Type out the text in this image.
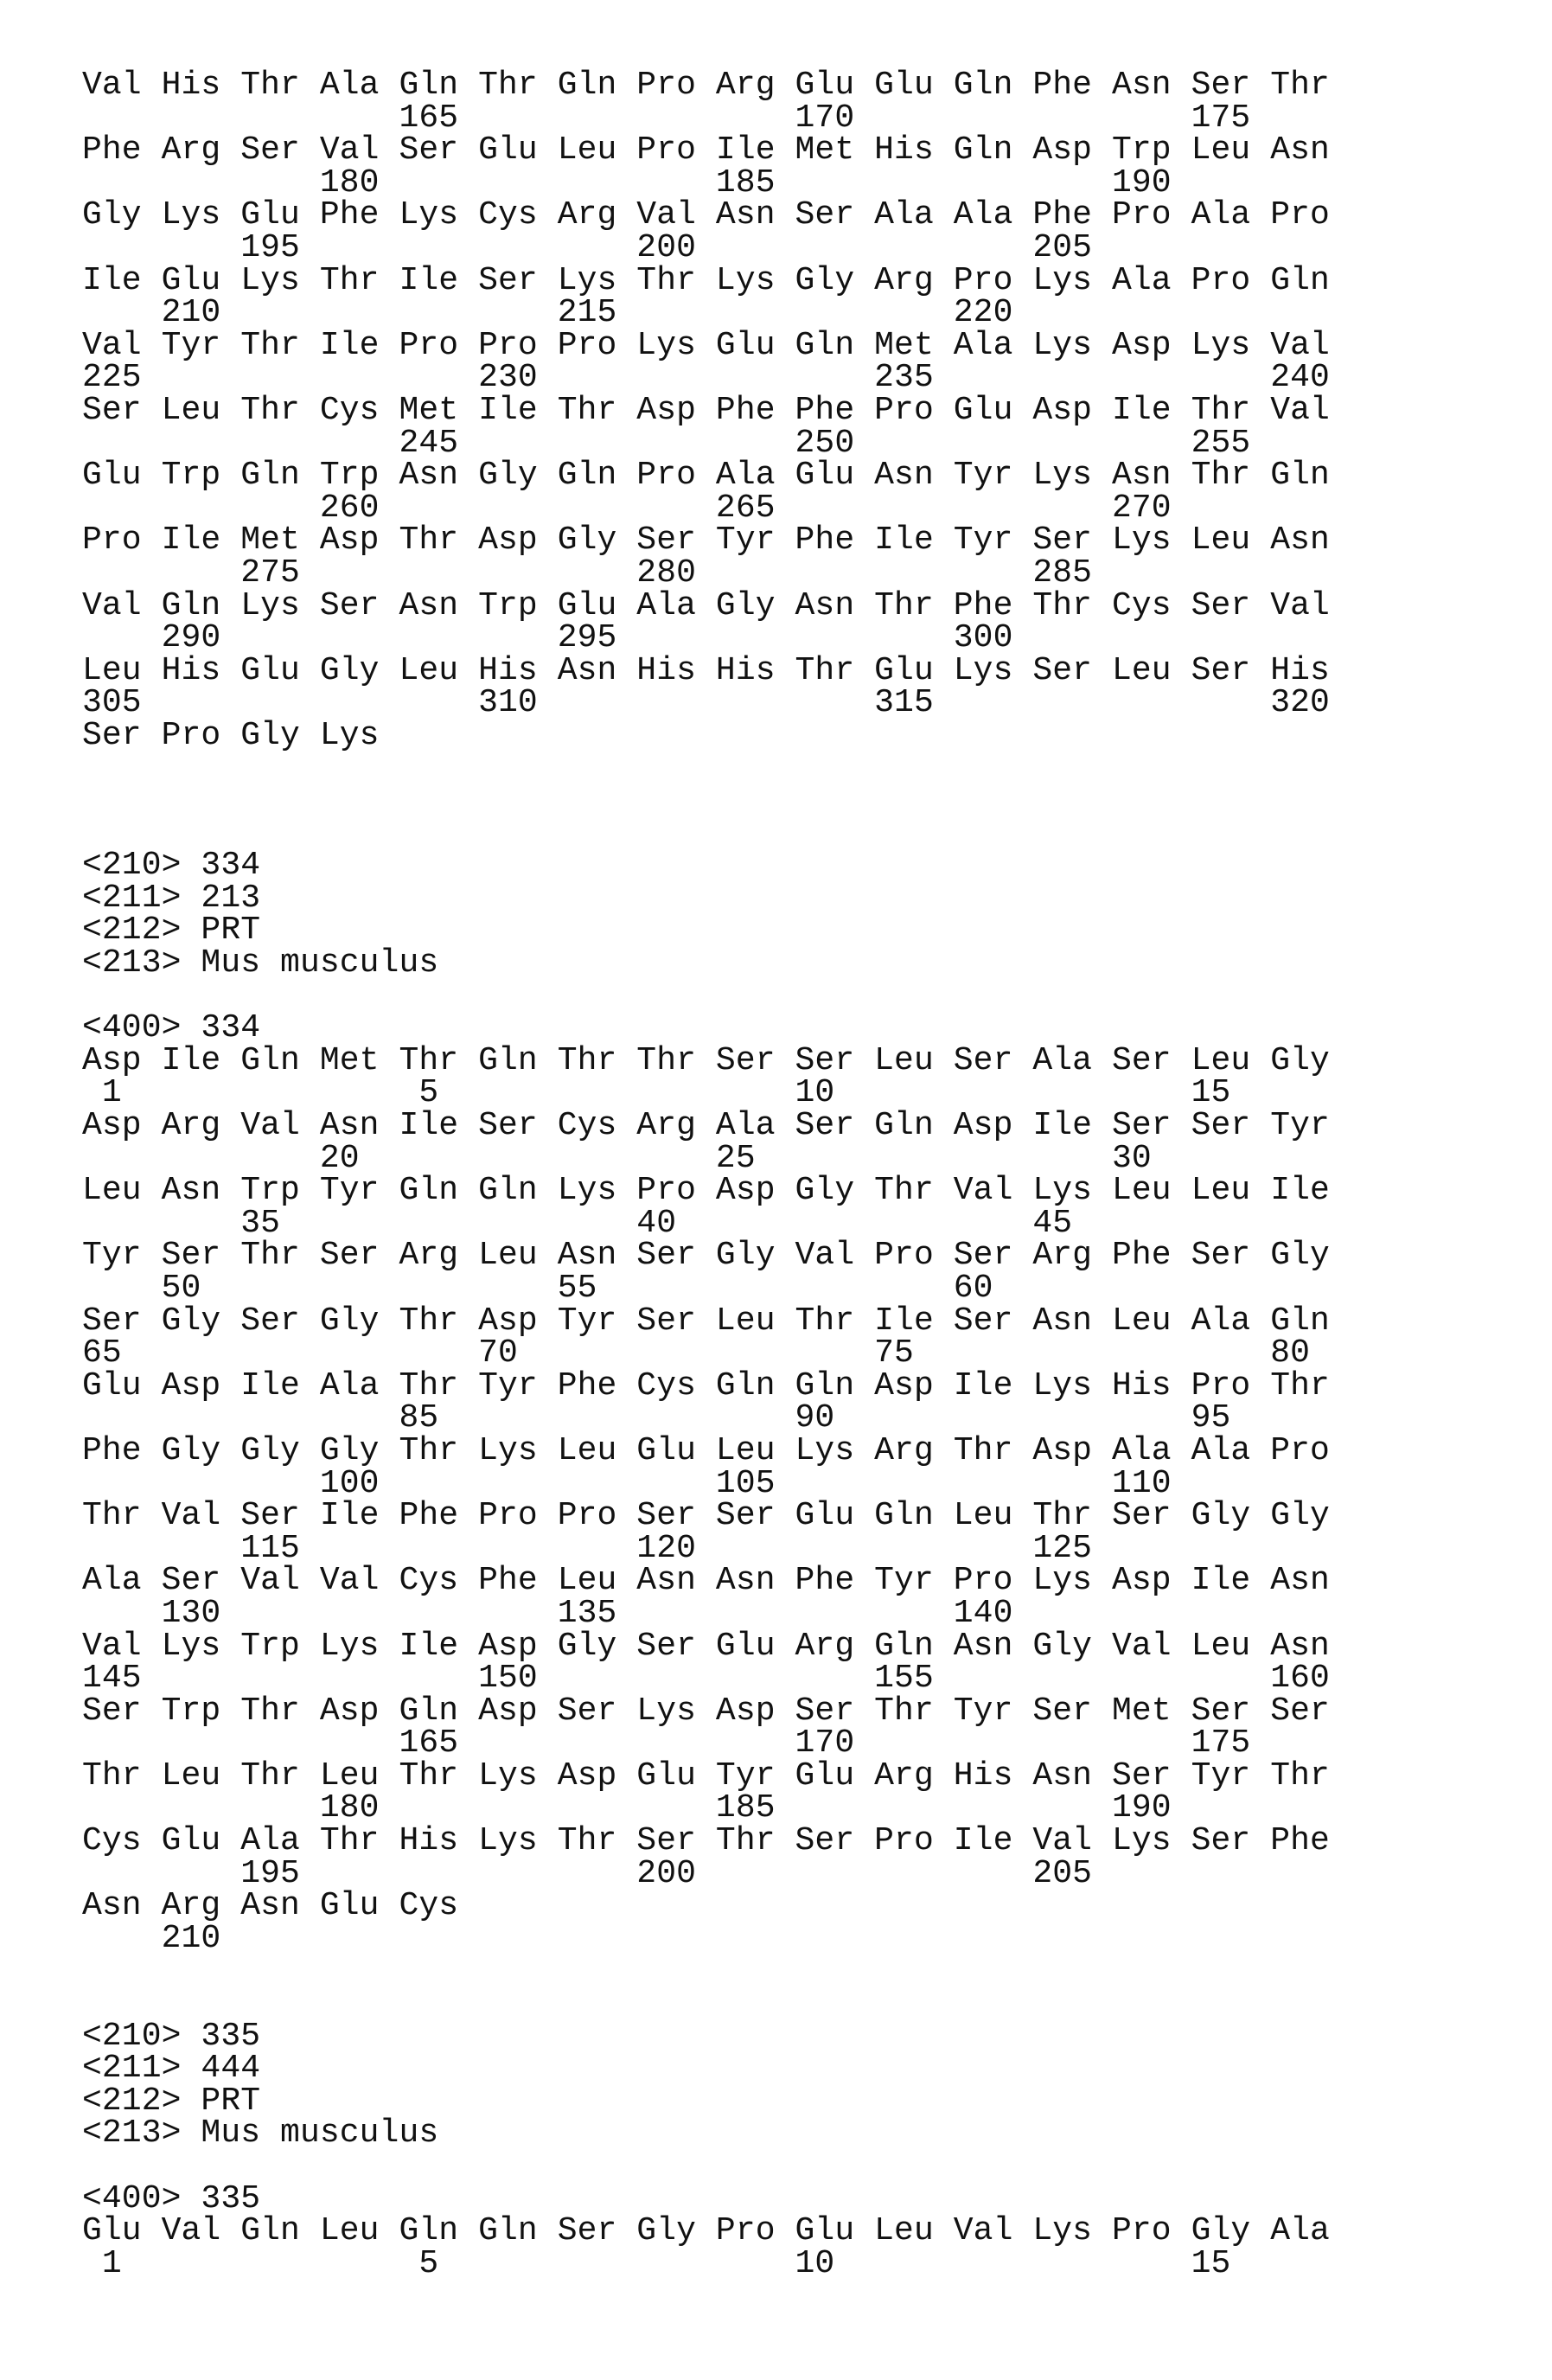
Val His Thr Ala Gln Thr Gln Pro Arg Glu Glu Gln Phe Asn Ser Thr
165                 170                 175
Phe Arg Ser Val Ser Glu Leu Pro Ile Met His Gln Asp Trp Leu Asn
180                 185                 190
Gly Lys Glu Phe Lys Cys Arg Val Asn Ser Ala Ala Phe Pro Ala Pro
195                 200                 205
Ile Glu Lys Thr Ile Ser Lys Thr Lys Gly Arg Pro Lys Ala Pro Gln
210                 215                 220
Val Tyr Thr Ile Pro Pro Pro Lys Glu Gln Met Ala Lys Asp Lys Val
225                 230                 235                 240
Ser Leu Thr Cys Met Ile Thr Asp Phe Phe Pro Glu Asp Ile Thr Val
245                 250                 255
Glu Trp Gln Trp Asn Gly Gln Pro Ala Glu Asn Tyr Lys Asn Thr Gln
260                 265                 270
Pro Ile Met Asp Thr Asp Gly Ser Tyr Phe Ile Tyr Ser Lys Leu Asn
275                 280                 285
Val Gln Lys Ser Asn Trp Glu Ala Gly Asn Thr Phe Thr Cys Ser Val
290                 295                 300
Leu His Glu Gly Leu His Asn His His Thr Glu Lys Ser Leu Ser His
305                 310                 315                 320
Ser Pro Gly Lys
<210> 334
<211> 213
<212> PRT
<213> Mus musculus
<400> 334
Asp Ile Gln Met Thr Gln Thr Thr Ser Ser Leu Ser Ala Ser Leu Gly
1               5                  10                  15
Asp Arg Val Asn Ile Ser Cys Arg Ala Ser Gln Asp Ile Ser Ser Tyr
20                  25                  30
Leu Asn Trp Tyr Gln Gln Lys Pro Asp Gly Thr Val Lys Leu Leu Ile
35                  40                  45
Tyr Ser Thr Ser Arg Leu Asn Ser Gly Val Pro Ser Arg Phe Ser Gly
50                  55                  60
Ser Gly Ser Gly Thr Asp Tyr Ser Leu Thr Ile Ser Asn Leu Ala Gln
65                  70                  75                  80
Glu Asp Ile Ala Thr Tyr Phe Cys Gln Gln Asp Ile Lys His Pro Thr
85                  90                  95
Phe Gly Gly Gly Thr Lys Leu Glu Leu Lys Arg Thr Asp Ala Ala Pro
100                 105                 110
Thr Val Ser Ile Phe Pro Pro Ser Ser Glu Gln Leu Thr Ser Gly Gly
115                 120                 125
Ala Ser Val Val Cys Phe Leu Asn Asn Phe Tyr Pro Lys Asp Ile Asn
130                 135                 140
Val Lys Trp Lys Ile Asp Gly Ser Glu Arg Gln Asn Gly Val Leu Asn
145                 150                 155                 160
Ser Trp Thr Asp Gln Asp Ser Lys Asp Ser Thr Tyr Ser Met Ser Ser
165                 170                 175
Thr Leu Thr Leu Thr Lys Asp Glu Tyr Glu Arg His Asn Ser Tyr Thr
180                 185                 190
Cys Glu Ala Thr His Lys Thr Ser Thr Ser Pro Ile Val Lys Ser Phe
195                 200                 205
Asn Arg Asn Glu Cys
210
<210> 335
<211> 444
<212> PRT
<213> Mus musculus
<400> 335
Glu Val Gln Leu Gln Gln Ser Gly Pro Glu Leu Val Lys Pro Gly Ala
1               5                  10                  15
